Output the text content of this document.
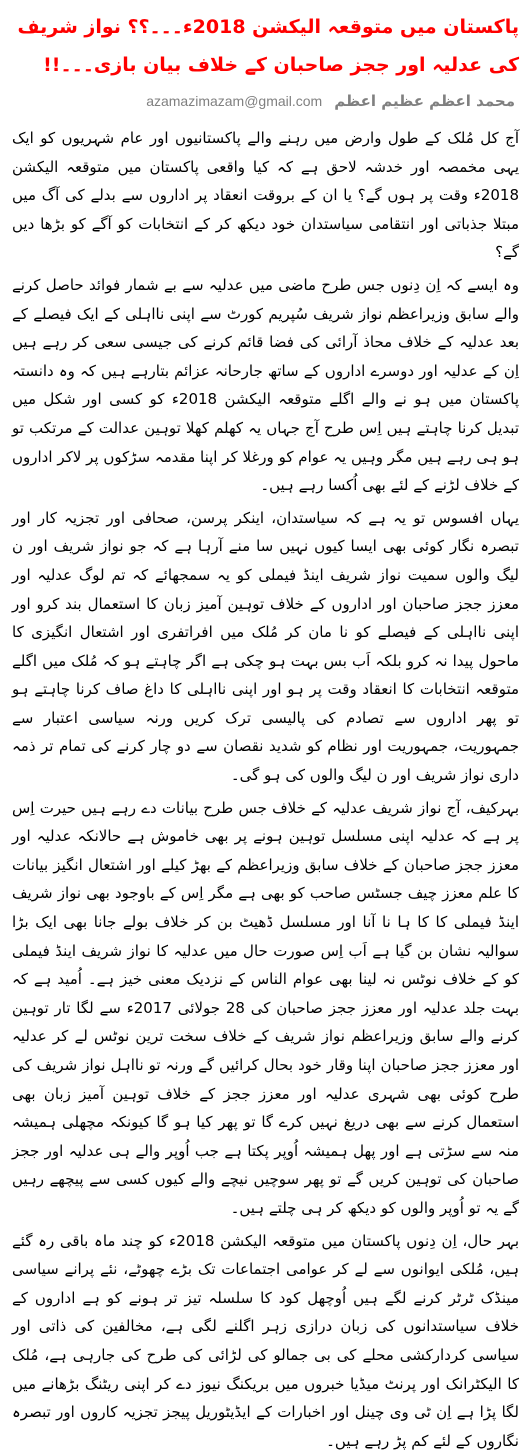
پاکستان میں متوقعہ الیکشن 2018ء۔۔۔؟؟ نواز شریف کی عدلیہ اور ججز صاحبان کے خلاف بیان بازی۔۔۔!!
محمد اعظم عظیم اعظم
azamazimazam@gmail.com

آج کل مُلک کے طول وارض میں رہنے والے پاکستانیوں اور عام شہریوں کو ایک یہی مخمصہ اور خدشہ لاحق ہے کہ کیا واقعی پاکستان میں متوقعہ الیکشن 2018ء وقت پر ہوں گے؟ یا ان کے بروقت انعقاد پر اداروں سے بدلے کی آگ میں مبتلا جذباتی اور انتقامی سیاستدان خود دیکھ کر کے انتخابات کو آگے کو بڑھا دیں گے؟

وہ ایسے کہ اِن دِنوں جس طرح ماضی میں عدلیہ سے بے شمار فوائد حاصل کرنے والے سابق وزیراعظم نواز شریف سُپریم کورٹ سے اپنی نااہلی کے ایک فیصلے کے بعد عدلیہ کے خلاف محاذ آرائی کی فضا قائم کرنے کی جیسی سعی کر رہے ہیں اِن کے عدلیہ اور دوسرے اداروں کے ساتھ جارحانہ عزائم بتارہے ہیں کہ وہ دانستہ پاکستان میں ہو نے والے اگلے متوقعہ الیکشن 2018ء کو کسی اور شکل میں تبدیل کرنا چاہتے ہیں اِس طرح آج جہاں یہ کھلم کھلا توہین عدالت کے مرتکب تو ہو ہی رہے ہیں مگر وہیں یہ عوام کو ورغلا کر اپنا مقدمہ سڑکوں پر لاکر اداروں کے خلاف لڑنے کے لئے بھی اُکسا رہے ہیں۔

یہاں افسوس تو یہ ہے کہ سیاستدان، اینکر پرسن، صحافی اور تجزیہ کار اور تبصرہ نگار کوئی بھی ایسا کیوں نہیں سا منے آرہا ہے کہ جو نواز شریف اور ن لیگ والوں سمیت نواز شریف اینڈ فیملی کو یہ سمجھائے کہ تم لوگ عدلیہ اور معزز ججز صاحبان اور اداروں کے خلاف توہین آمیز زبان کا استعمال بند کرو اور اپنی نااہلی کے فیصلے کو نا مان کر مُلک میں افراتفری اور اشتعال انگیزی کا ماحول پیدا نہ کرو بلکہ اَب بس بہت ہو چکی ہے اگر چاہتے ہو کہ مُلک میں اگلے متوقعہ انتخابات کا انعقاد وقت پر ہو اور اپنی نااہلی کا داغ صاف کرنا چاہتے ہو تو پھر اداروں سے تصادم کی پالیسی ترک کریں ورنہ سیاسی اعتبار سے جمہوریت، جمہوریت اور نظام کو شدید نقصان سے دو چار کرنے کی تمام تر ذمہ داری نواز شریف اور ن لیگ والوں کی ہو گی۔

بہرکیف، آج نواز شریف عدلیہ کے خلاف جس طرح بیانات دے رہے ہیں حیرت اِس پر ہے کہ عدلیہ اپنی مسلسل توہین ہونے پر بھی خاموش ہے حالانکہ عدلیہ اور معزز ججز صاحبان کے خلاف سابق وزیراعظم کے بھڑ کیلے اور اشتعال انگیز بیانات کا علم معزز چیف جسٹس صاحب کو بھی ہے مگر اِس کے باوجود بھی نواز شریف اینڈ فیملی کا کا ہا نا آنا اور مسلسل ڈھیٹ بن کر خلاف بولے جانا بھی ایک بڑا سوالیہ نشان بن گیا ہے اَب اِس صورت حال میں عدلیہ کا نواز شریف اینڈ فیملی کو کے خلاف نوٹس نہ لینا بھی عوام الناس کے نزدیک معنی خیز ہے۔ اُمید ہے کہ بہت جلد عدلیہ اور معزز ججز صاحبان کی 28 جولائی 2017ء سے لگا تار توہین کرنے والے سابق وزیراعظم نواز شریف کے خلاف سخت ترین نوٹس لے کر عدلیہ اور معزز ججز صاحبان اپنا وقار خود بحال کرائیں گے ورنہ تو نااہل نواز شریف کی طرح کوئی بھی شہری عدلیہ اور معزز ججز کے خلاف توہین آمیز زبان بھی استعمال کرنے سے بھی دریغ نہیں کرے گا تو پھر کیا ہو گا کیونکہ مچھلی ہمیشہ منہ سے سڑتی ہے اور پھل ہمیشہ اُوپر پکتا ہے جب اُوپر والے ہی عدلیہ اور ججز صاحبان کی توہین کریں گے تو پھر سوچیں نیچے والے کیوں کسی سے پیچھے رہیں گے یہ تو اُوپر والوں کو دیکھ کر ہی چلتے ہیں۔

بہر حال، اِن دِنوں پاکستان میں متوقعہ الیکشن 2018ء کو چند ماہ باقی رہ گئے ہیں، مُلکی ایوانوں سے لے کر عوامی اجتماعات تک بڑے چھوٹے، نئے پرانے سیاسی مینڈک ٹرٹر کرنے لگے ہیں اُوچھل کود کا سلسلہ تیز تر ہونے کو ہے اداروں کے خلاف سیاستدانوں کی زبان درازی زہر اگلنے لگی ہے، مخالفین کی ذاتی اور سیاسی کردارکشی محلے کی بی جمالو کی لڑائی کی طرح کی جارہی ہے، مُلک کا الیکٹرانک اور پرنٹ میڈیا خبروں میں بریکنگ نیوز دے کر اپنی ریٹنگ بڑھانے میں لگا پڑا ہے اِن ٹی وی چینل اور اخبارات کے ایڈیٹوریل پیجز تجزیہ کاروں اور تبصرہ نگاروں کے لئے کم پڑ رہے ہیں۔
